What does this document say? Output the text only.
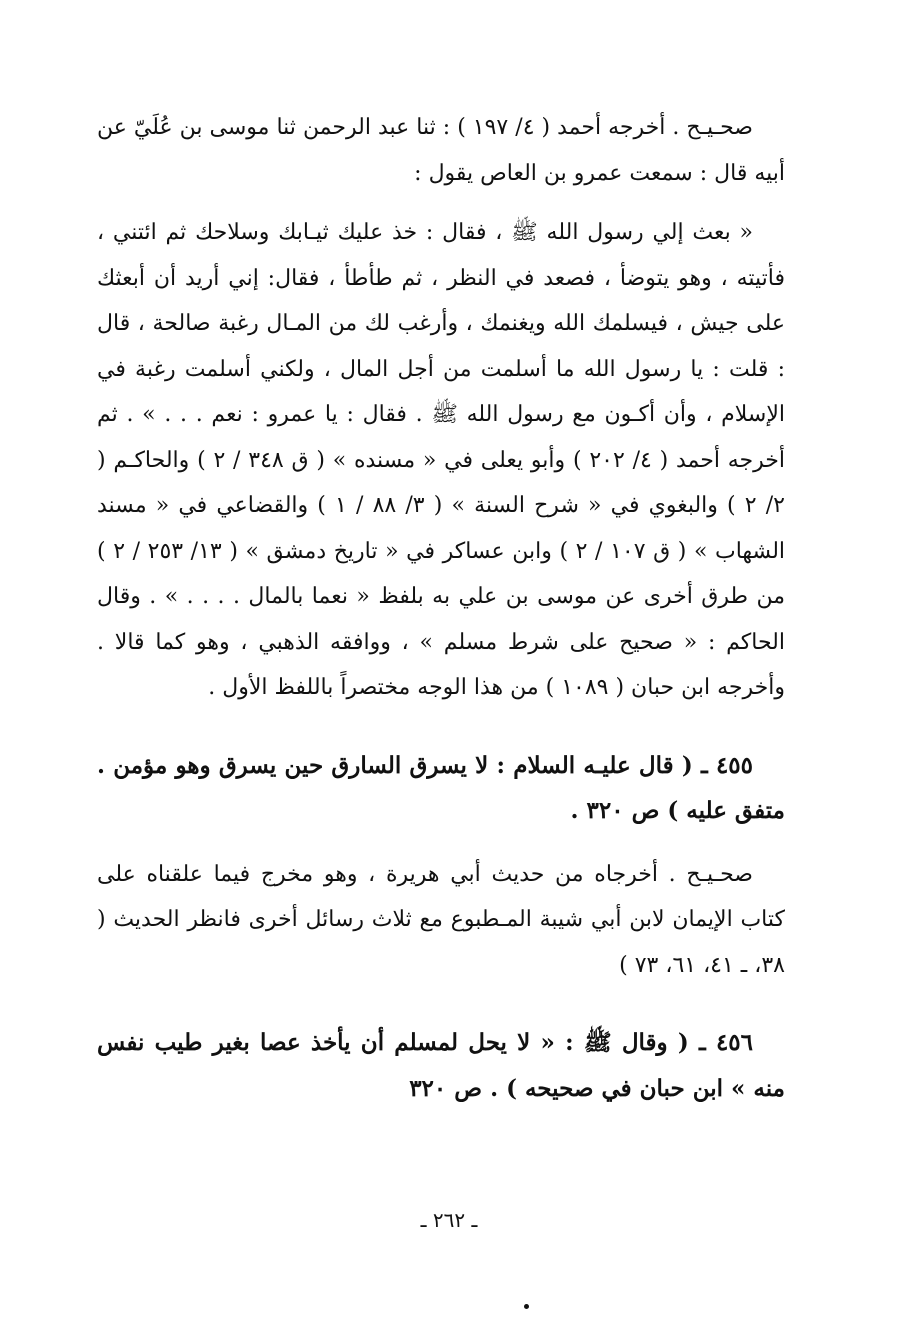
صحـيـح . أخرجه أحمد ( ٤/ ١٩٧ ) : ثنا عبد الرحمن ثنا موسى بن عُلَيّ عن أبيه قال : سمعت عمرو بن العاص يقول :

« بعث إلي رسول الله ﷺ ، فقال : خذ عليك ثيـابك وسلاحك ثم ائتني ، فأتيته ، وهو يتوضأ ، فصعد في النظر ، ثم طأطأ ، فقال: إني أريد أن أبعثك على جيش ، فيسلمك الله ويغنمك ، وأرغب لك من المـال رغبة صالحة ، قال : قلت : يا رسول الله ما أسلمت من أجل المال ، ولكني أسلمت رغبة في الإسلام ، وأن أكـون مع رسول الله ﷺ . فقال : يا عمرو : نعم . . . » . ثم أخرجه أحمد ( ٤/ ٢٠٢ ) وأبو يعلى في « مسنده » ( ق ٣٤٨ / ٢ ) والحاكـم ( ٢/ ٢ ) والبغوي في « شرح السنة » ( ٣/ ٨٨ / ١ ) والقضاعي في « مسند الشهاب » ( ق ١٠٧ / ٢ ) وابن عساكر في « تاريخ دمشق » ( ١٣/ ٢٥٣ / ٢ ) من طرق أخرى عن موسى بن علي به بلفظ « نعما بالمال . . . . » . وقال الحاكم : « صحيح على شرط مسلم » ، ووافقه الذهبي ، وهو كما قالا . وأخرجه ابن حبان ( ١٠٨٩ ) من هذا الوجه مختصراً باللفظ الأول .

٤٥٥ ـ ( قال عليـه السلام : لا يسرق السارق حين يسرق وهو مؤمن . متفق عليه ) ص ٣٢٠ .

صحـيـح . أخرجاه من حديث أبي هريرة ، وهو مخرج فيما علقناه على كتاب الإيمان لابن أبي شيبة المـطبوع مع ثلاث رسائل أخرى فانظر الحديث ( ٣٨، ـ ٤١، ٦١، ٧٣ )

٤٥٦ ـ ( وقال ﷺ : « لا يحل لمسلم أن يأخذ عصا بغير طيب نفس منه » ابن حبان في صحيحه ) . ص ٣٢٠

ـ ٢٦٢ ـ
